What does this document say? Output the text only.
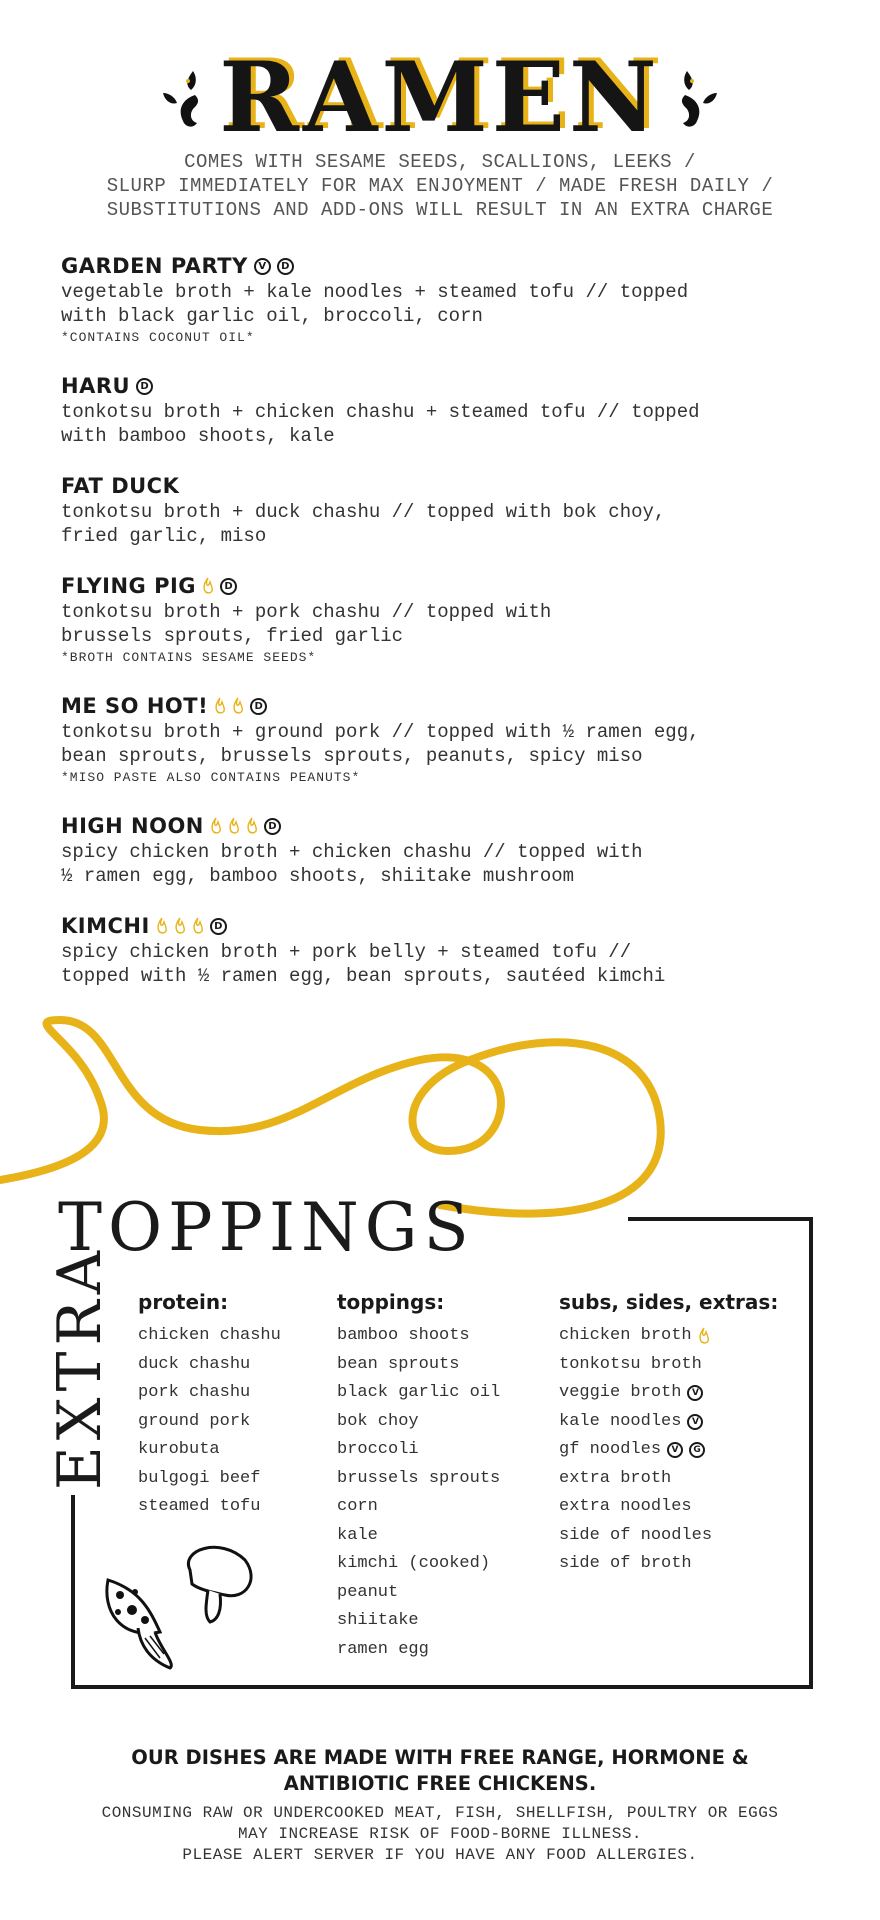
RAMEN
COMES WITH SESAME SEEDS, SCALLIONS, LEEKS /
SLURP IMMEDIATELY FOR MAX ENJOYMENT / MADE FRESH DAILY /
SUBSTITUTIONS AND ADD-ONS WILL RESULT IN AN EXTRA CHARGE
GARDEN PARTY	V	D
vegetable broth + kale noodles + steamed tofu // topped
with black garlic oil, broccoli, corn
*CONTAINS COCONUT OIL*
HARU	D
tonkotsu broth + chicken chashu + steamed tofu // topped
with bamboo shoots, kale
FAT DUCK
tonkotsu broth + duck chashu // topped with bok choy,
fried garlic, miso
FLYING PIG	D
tonkotsu broth + pork chashu // topped with
brussels sprouts, fried garlic
*BROTH CONTAINS SESAME SEEDS*
ME SO HOT!	D
tonkotsu broth + ground pork // topped with ½ ramen egg,
bean sprouts, brussels sprouts, peanuts, spicy miso
*MISO PASTE ALSO CONTAINS PEANUTS*
HIGH NOON	D
spicy chicken broth + chicken chashu // topped with
½ ramen egg, bamboo shoots, shiitake mushroom
KIMCHI	D
spicy chicken broth + pork belly + steamed tofu //
topped with ½ ramen egg, bean sprouts, sautéed kimchi
TOPPINGS
EXTRA protein:
chicken chashu
duck chashu
pork chashu
ground pork
kurobuta
bulgogi beef
steamed tofu
toppings:
bamboo shoots
bean sprouts
black garlic oil
bok choy
broccoli
brussels sprouts
corn
kale
kimchi (cooked)
peanut
shiitake
ramen egg
subs, sides, extras:
chicken broth
tonkotsu broth
veggie broth	V
kale noodles	V
gf noodles	V	G
extra broth
extra noodles
side of noodles
side of broth
OUR DISHES ARE MADE WITH FREE RANGE, HORMONE &
ANTIBIOTIC FREE CHICKENS.
CONSUMING RAW OR UNDERCOOKED MEAT, FISH, SHELLFISH, POULTRY OR EGGS
MAY INCREASE RISK OF FOOD-BORNE ILLNESS.
PLEASE ALERT SERVER IF YOU HAVE ANY FOOD ALLERGIES.
